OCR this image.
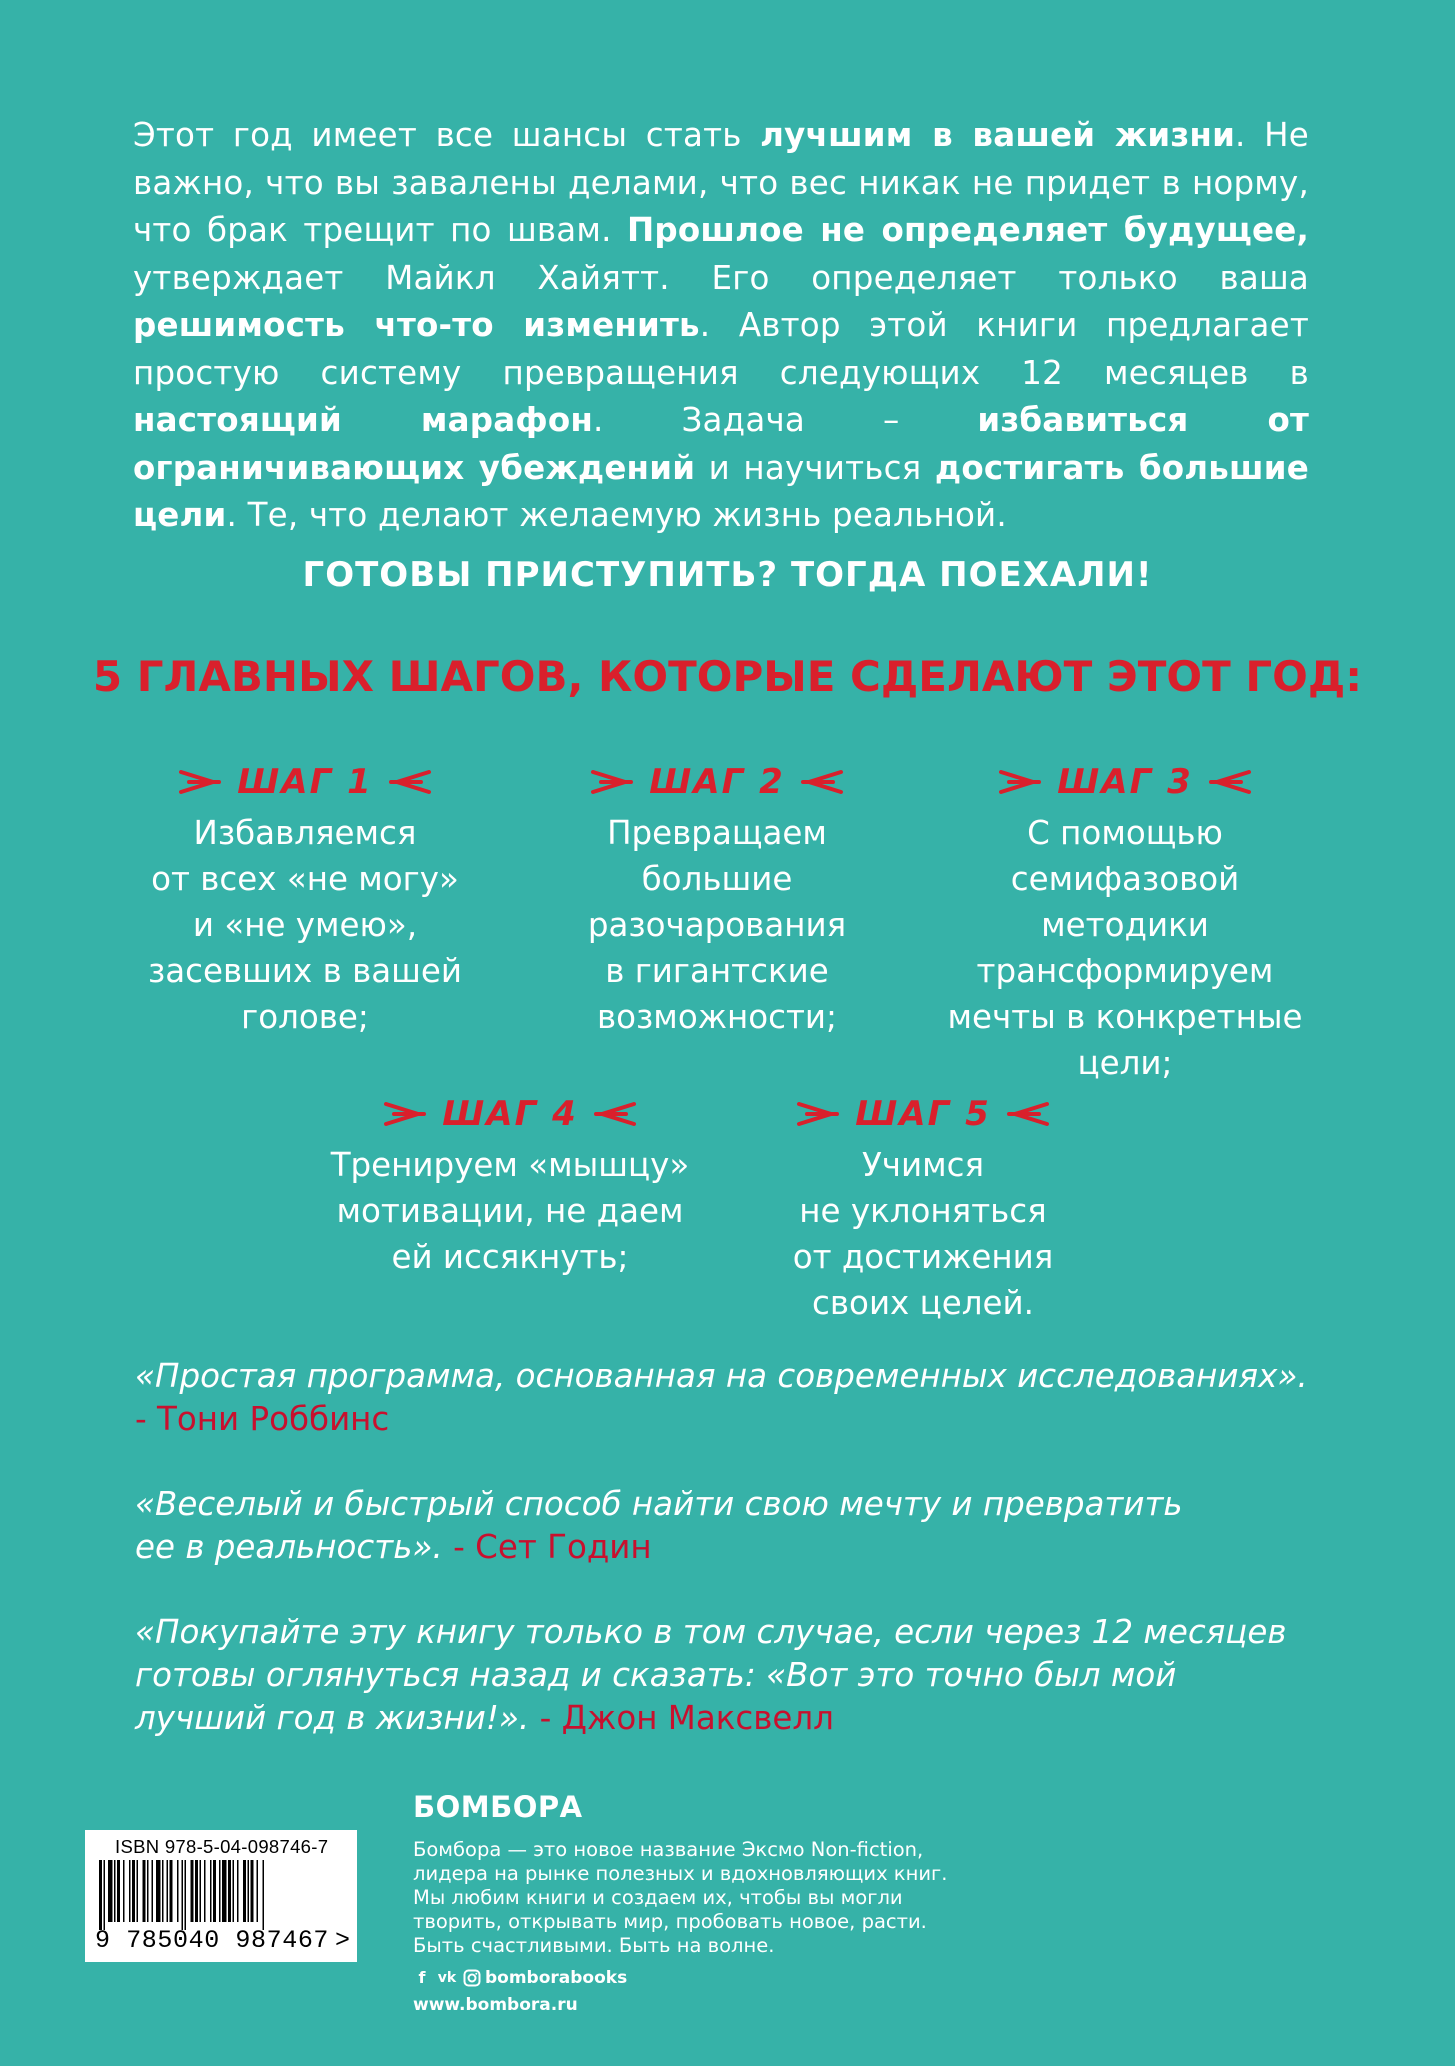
Этот год имеет все шансы стать лучшим в вашей жизни. Не важно, что вы завалены делами, что вес никак не придет в норму, что брак трещит по швам. Прошлое не определяет будущее, утверждает Майкл Хайятт. Его определяет только ваша решимость что-то изменить. Автор этой книги предлагает простую систему превращения следующих 12 месяцев в настоящий марафон. Задача – избавиться от ограничивающих убеждений и научиться достигать большие цели. Те, что делают желаемую жизнь реальной.
ГОТОВЫ ПРИСТУПИТЬ? ТОГДА ПОЕХАЛИ!
5 ГЛАВНЫХ ШАГОВ, КОТОРЫЕ СДЕЛАЮТ ЭТОТ ГОД:
ШАГ 1
Избавляемся
от всех «не могу»
и «не умею»,
засевших в вашей
голове;
ШАГ 2
Превращаем
большие
разочарования
в гигантские
возможности;
ШАГ 3
С помощью
семифазовой
методики
трансформируем
мечты в конкретные
цели;
ШАГ 4
Тренируем «мышцу»
мотивации, не даем
ей иссякнуть;
ШАГ 5
Учимся
не уклоняться
от достижения
своих целей.
«Простая программа, основанная на современных исследованиях».
- Тони Роббинс
«Веселый и быстрый способ найти свою мечту и превратить ее в реальность». - Сет Годин
«Покупайте эту книгу только в том случае, если через 12 месяцев готовы оглянуться назад и сказать: «Вот это точно был мой лучший год в жизни!». - Джон Максвелл
ISBN 978-5-04-098746-7
9 785040 987467 >
БОМБОРА
Бомбора — это новое название Эксмо Non-fiction,
лидера на рынке полезных и вдохновляющих книг.
Мы любим книги и создаем их, чтобы вы могли
творить, открывать мир, пробовать новое, расти.
Быть счастливыми. Быть на волне.
f vk bomborabooks
www.bombora.ru
